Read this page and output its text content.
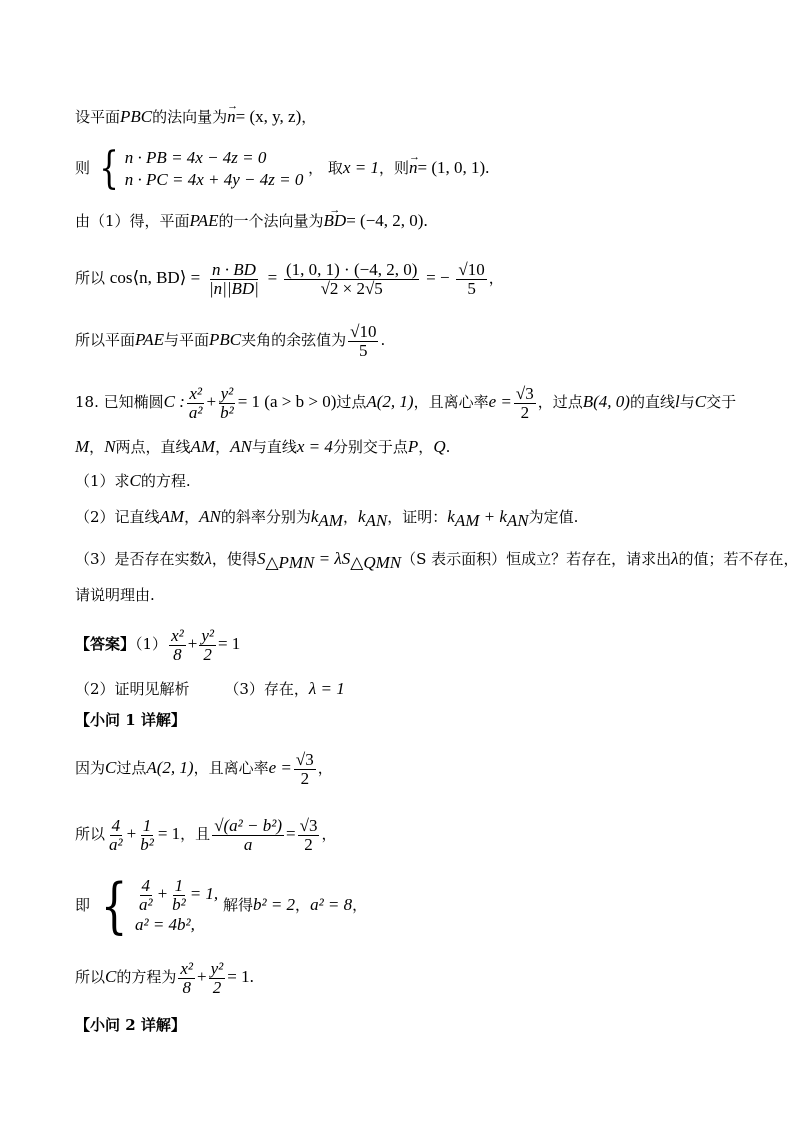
设平面PBC的法向量为→ n= (x, y, z)，
则 { n · PB = 4x − 4z = 0
n · PC = 4x + 4y − 4z = 0
， 取x = 1，则→ n= (1, 0, 1).
由（1）得，平面PAE的一个法向量为→ BD= (−4, 2, 0).
所以 cos⟨n, BD⟩ = $\frac{n \cdot BD}{|n||BD|} = \frac{(1, 0, 1) \cdot (-4, 2, 0)}{√2 \times 2√5}$ = − $\frac{√10}{5}$ ，
所以平面PAE与平面PBC夹角的余弦值为 $\frac{√10}{5}$ .
18. 已知椭圆C : $\frac{\text{x²}}{\text{a²}} + \frac{\text{y²}}{\text{b²}} = 1$ (a > b > 0)过点A(2, 1)，且离心率$e = \frac{√3}{2}$ ，过点B(4, 0)的直线l与C交于
M，N两点，直线AM，AN与直线x = 4分别交于点P，Q.
（1）求C的方程.
（2）记直线AM，AN的斜率分别为$k_{AM}$，$k_{AN}$，证明：$k_{AM} + k_{AN}$为定值.
（3）是否存在实数λ，使得$S_{\triangle PMN} = \lambda S_{\triangle QMN}(S$ 表示面积）恒成立？若存在，请求出λ的值；若不存在，
请说明理由.
【答案】$(1) \frac{\text{x²}}{8} + \frac{\text{y²}}{2} = 1$
（2）证明见解析 （3）存在，λ = 1
【小问 1 详解】
因为C过点A(2, 1)，且离心率$e = \frac{√3}{2}$ ，
所以 $\frac{4}{\text{a²}} + \frac{1}{\text{b²}} = 1$，且 $\frac{\text{√(a² − b²)}}{a} = \frac{√3}{2}$ ，
即 { $\frac{4}{\text{a²}} + \frac{1}{\text{b²}} = 1$,
a² = 4b²,
解得b² = 2，a² = 8，
所以C的方程为 $\frac{\text{x²}}{8} + \frac{\text{y²}}{2} = 1$.
【小问 2 详解】
